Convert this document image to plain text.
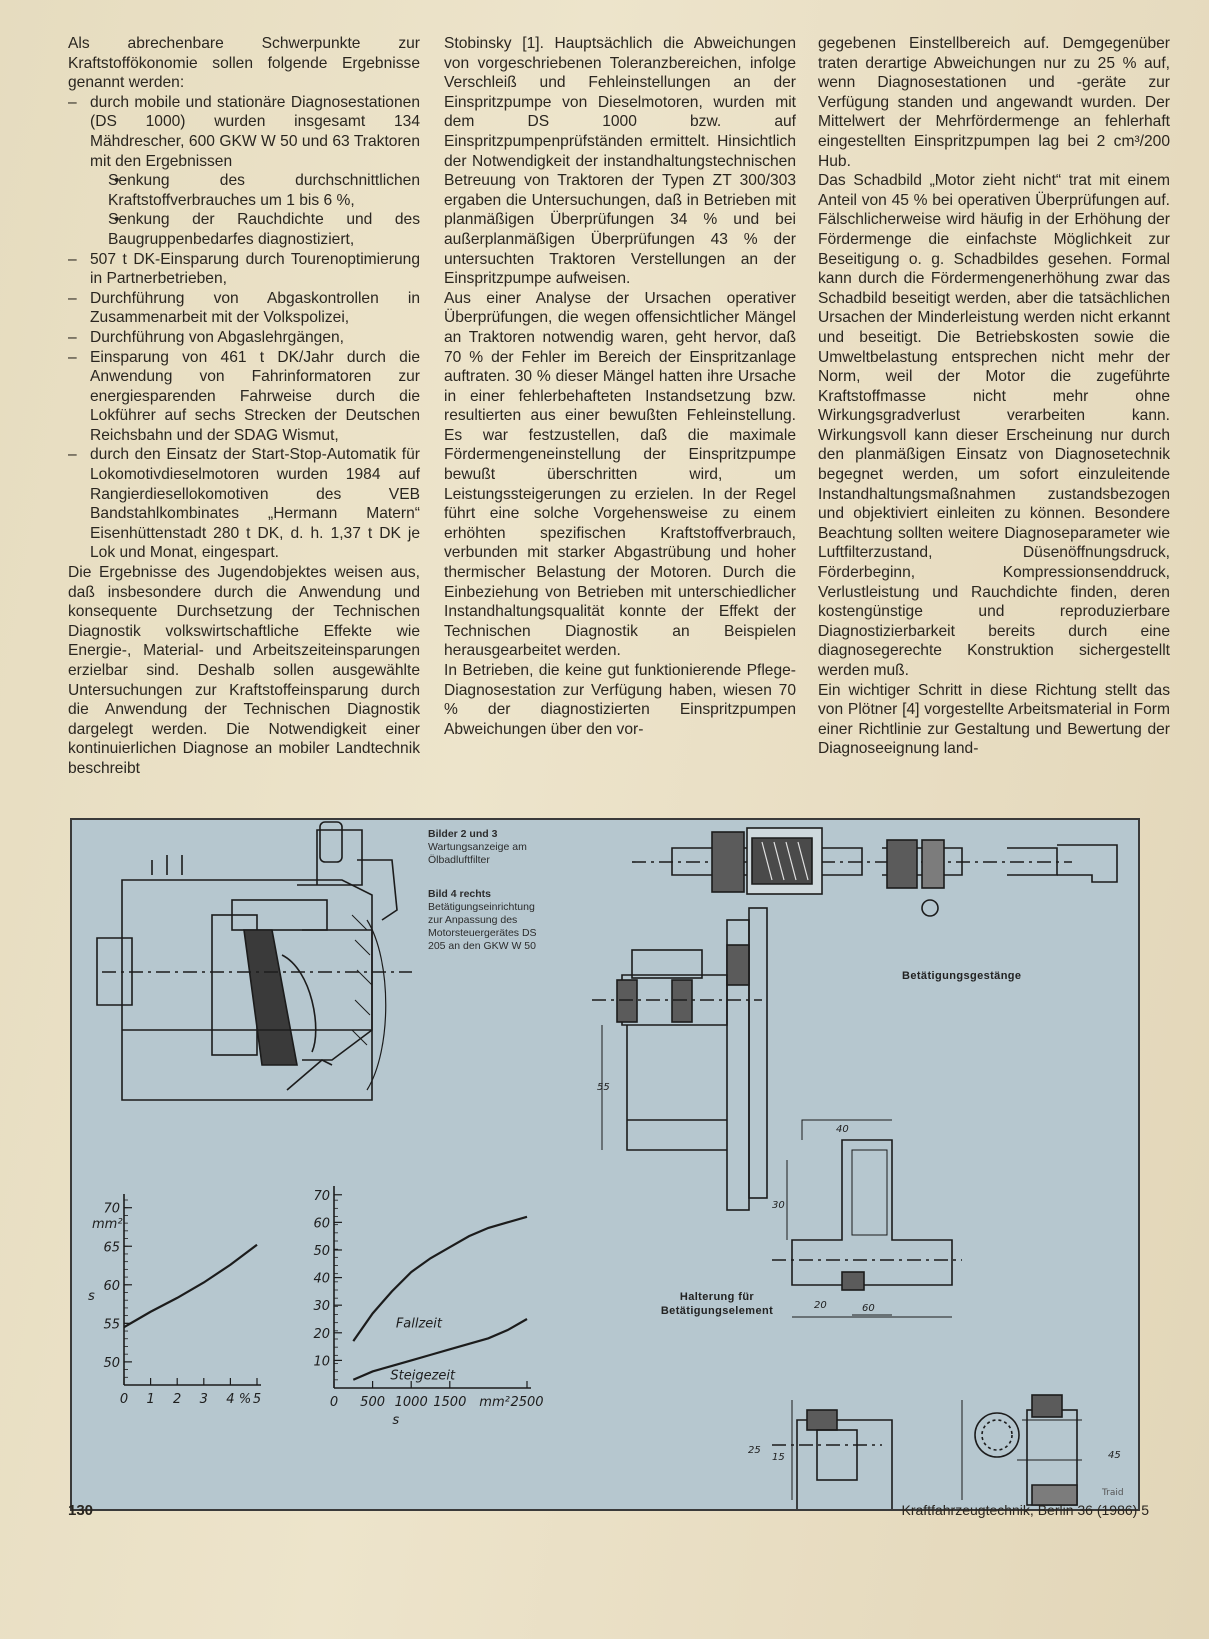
Als abrechenbare Schwerpunkte zur Kraftstoffökonomie sollen folgende Ergebnisse genannt werden:

– durch mobile und stationäre Diagnosestationen (DS 1000) wurden insgesamt 134 Mähdrescher, 600 GKW W 50 und 63 Traktoren mit den Ergebnissen
• Senkung des durchschnittlichen Kraftstoffverbrauches um 1 bis 6 %,
• Senkung der Rauchdichte und des Baugruppenbedarfes diagnostiziert,
– 507 t DK-Einsparung durch Tourenoptimierung in Partnerbetrieben,
– Durchführung von Abgaskontrollen in Zusammenarbeit mit der Volkspolizei,
– Durchführung von Abgaslehrgängen,
– Einsparung von 461 t DK/Jahr durch die Anwendung von Fahrinformatoren zur energiesparenden Fahrweise durch die Lokführer auf sechs Strecken der Deutschen Reichsbahn und der SDAG Wismut,
– durch den Einsatz der Start-Stop-Automatik für Lokomotivdieselmotoren wurden 1984 auf Rangierdiesellokomotiven des VEB Bandstahlkombinates „Hermann Matern“ Eisenhüttenstadt 280 t DK, d. h. 1,37 t DK je Lok und Monat, eingespart.

Die Ergebnisse des Jugendobjektes weisen aus, daß insbesondere durch die Anwendung und konsequente Durchsetzung der Technischen Diagnostik volkswirtschaftliche Effekte wie Energie-, Material- und Arbeitszeiteinsparungen erzielbar sind. Deshalb sollen ausgewählte Untersuchungen zur Kraftstoffeinsparung durch die Anwendung der Technischen Diagnostik dargelegt werden. Die Notwendigkeit einer kontinuierlichen Diagnose an mobiler Landtechnik beschreibt

Stobinsky [1]. Hauptsächlich die Abweichungen von vorgeschriebenen Toleranzbereichen, infolge Verschleiß und Fehleinstellungen an der Einspritzpumpe von Dieselmotoren, wurden mit dem DS 1000 bzw. auf Einspritzpumpenprüfständen ermittelt. Hinsichtlich der Notwendigkeit der instandhaltungstechnischen Betreuung von Traktoren der Typen ZT 300/303 ergaben die Untersuchungen, daß in Betrieben mit planmäßigen Überprüfungen 34 % und bei außerplanmäßigen Überprüfungen 43 % der untersuchten Traktoren Verstellungen an der Einspritzpumpe aufweisen.

Aus einer Analyse der Ursachen operativer Überprüfungen, die wegen offensichtlicher Mängel an Traktoren notwendig waren, geht hervor, daß 70 % der Fehler im Bereich der Einspritzanlage auftraten. 30 % dieser Mängel hatten ihre Ursache in einer fehlerbehafteten Instandsetzung bzw. resultierten aus einer bewußten Fehleinstellung. Es war festzustellen, daß die maximale Fördermengeneinstellung der Einspritzpumpe bewußt überschritten wird, um Leistungssteigerungen zu erzielen. In der Regel führt eine solche Vorgehensweise zu einem erhöhten spezifischen Kraftstoffverbrauch, verbunden mit starker Abgastrübung und hoher thermischer Belastung der Motoren. Durch die Einbeziehung von Betrieben mit unterschiedlicher Instandhaltungsqualität konnte der Effekt der Technischen Diagnostik an Beispielen herausgearbeitet werden.

In Betrieben, die keine gut funktionierende Pflege-Diagnosestation zur Verfügung haben, wiesen 70 % der diagnostizierten Einspritzpumpen Abweichungen über den vor-

gegebenen Einstellbereich auf. Demgegenüber traten derartige Abweichungen nur zu 25 % auf, wenn Diagnosestationen und -geräte zur Verfügung standen und angewandt wurden. Der Mittelwert der Mehrfördermenge an fehlerhaft eingestellten Einspritzpumpen lag bei 2 cm³/200 Hub.

Das Schadbild „Motor zieht nicht“ trat mit einem Anteil von 45 % bei operativen Überprüfungen auf. Fälschlicherweise wird häufig in der Erhöhung der Fördermenge die einfachste Möglichkeit zur Beseitigung o. g. Schadbildes gesehen. Formal kann durch die Fördermengenerhöhung zwar das Schadbild beseitigt werden, aber die tatsächlichen Ursachen der Minderleistung werden nicht erkannt und beseitigt. Die Betriebskosten sowie die Umweltbelastung entsprechen nicht mehr der Norm, weil der Motor die zugeführte Kraftstoffmasse nicht mehr ohne Wirkungsgradverlust verarbeiten kann. Wirkungsvoll kann dieser Erscheinung nur durch den planmäßigen Einsatz von Diagnosetechnik begegnet werden, um sofort einzuleitende Instandhaltungsmaßnahmen zustandsbezogen und objektiviert einleiten zu können. Besondere Beachtung sollten weitere Diagnoseparameter wie Luftfilterzustand, Düsenöffnungsdruck, Förderbeginn, Kompressionsenddruck, Verlustleistung und Rauchdichte finden, deren kostengünstige und reproduzierbare Diagnostizierbarkeit bereits durch eine diagnosegerechte Konstruktion sichergestellt werden muß.

Ein wichtiger Schritt in diese Richtung stellt das von Plötner [4] vorgestellte Arbeitsmaterial in Form einer Richtlinie zur Gestaltung und Bewertung der Diagnoseeignung land-

50
55
60
65
70
0 1 2 3 4 5
%
mm²
s
10
20
30
40
50
60
70
0 500 1000 1500 mm² 2500
s
Fallzeit
Steigezeit
Bilder 2 und 3 Wartungsanzeige am Ölbadluftfilter
Bild 4 rechts Betätigungseinrichtung zur Anpassung des Motorsteuergerätes DS 205 an den GKW W 50
Betätigungsgestänge
Halterung für Betätigungselement
40
30
20	60
55
25
15	45
Traid
130	Kraftfahrzeugtechnik, Berlin 36 (1986) 5
